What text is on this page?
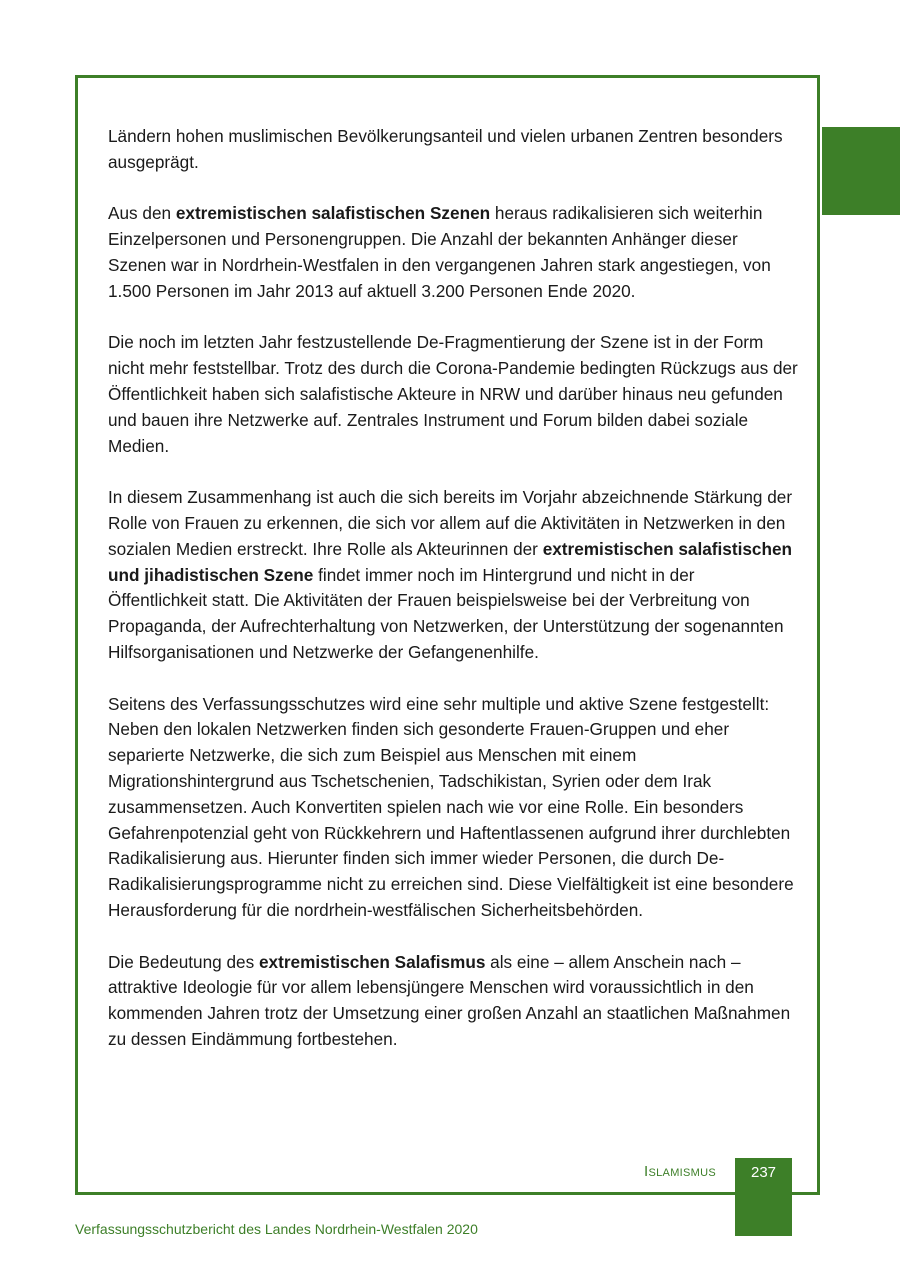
Ländern hohen muslimischen Bevölkerungsanteil und vielen urbanen Zentren besonders ausgeprägt.

Aus den extremistischen salafistischen Szenen heraus radikalisieren sich weiterhin Einzelpersonen und Personengruppen. Die Anzahl der bekannten Anhänger dieser Szenen war in Nordrhein-Westfalen in den vergangenen Jahren stark angestiegen, von 1.500 Personen im Jahr 2013 auf aktuell 3.200 Personen Ende 2020.

Die noch im letzten Jahr festzustellende De-Fragmentierung der Szene ist in der Form nicht mehr feststellbar. Trotz des durch die Corona-Pandemie bedingten Rückzugs aus der Öffentlichkeit haben sich salafistische Akteure in NRW und darüber hinaus neu gefunden und bauen ihre Netzwerke auf. Zentrales Instrument und Forum bilden dabei soziale Medien.

In diesem Zusammenhang ist auch die sich bereits im Vorjahr abzeichnende Stärkung der Rolle von Frauen zu erkennen, die sich vor allem auf die Aktivitäten in Netzwerken in den sozialen Medien erstreckt. Ihre Rolle als Akteurinnen der extremistischen salafistischen und jihadistischen Szene findet immer noch im Hintergrund und nicht in der Öffentlichkeit statt. Die Aktivitäten der Frauen beispielsweise bei der Verbreitung von Propaganda, der Aufrechterhaltung von Netzwerken, der Unterstützung der sogenannten Hilfsorganisationen und Netzwerke der Gefangenenhilfe.

Seitens des Verfassungsschutzes wird eine sehr multiple und aktive Szene festgestellt: Neben den lokalen Netzwerken finden sich gesonderte Frauen-Gruppen und eher separierte Netzwerke, die sich zum Beispiel aus Menschen mit einem Migrationshintergrund aus Tschetschenien, Tadschikistan, Syrien oder dem Irak zusammensetzen. Auch Konvertiten spielen nach wie vor eine Rolle. Ein besonders Gefahrenpotenzial geht von Rückkehrern und Haftentlassenen aufgrund ihrer durchlebten Radikalisierung aus. Hierunter finden sich immer wieder Personen, die durch De-Radikalisierungsprogramme nicht zu erreichen sind. Diese Vielfältigkeit ist eine besondere Herausforderung für die nordrhein-westfälischen Sicherheitsbehörden.

Die Bedeutung des extremistischen Salafismus als eine – allem Anschein nach – attraktive Ideologie für vor allem lebensjüngere Menschen wird voraussichtlich in den kommenden Jahren trotz der Umsetzung einer großen Anzahl an staatlichen Maßnahmen zu dessen Eindämmung fortbestehen.

Islamismus	237
Verfassungsschutzbericht des Landes Nordrhein-Westfalen 2020
